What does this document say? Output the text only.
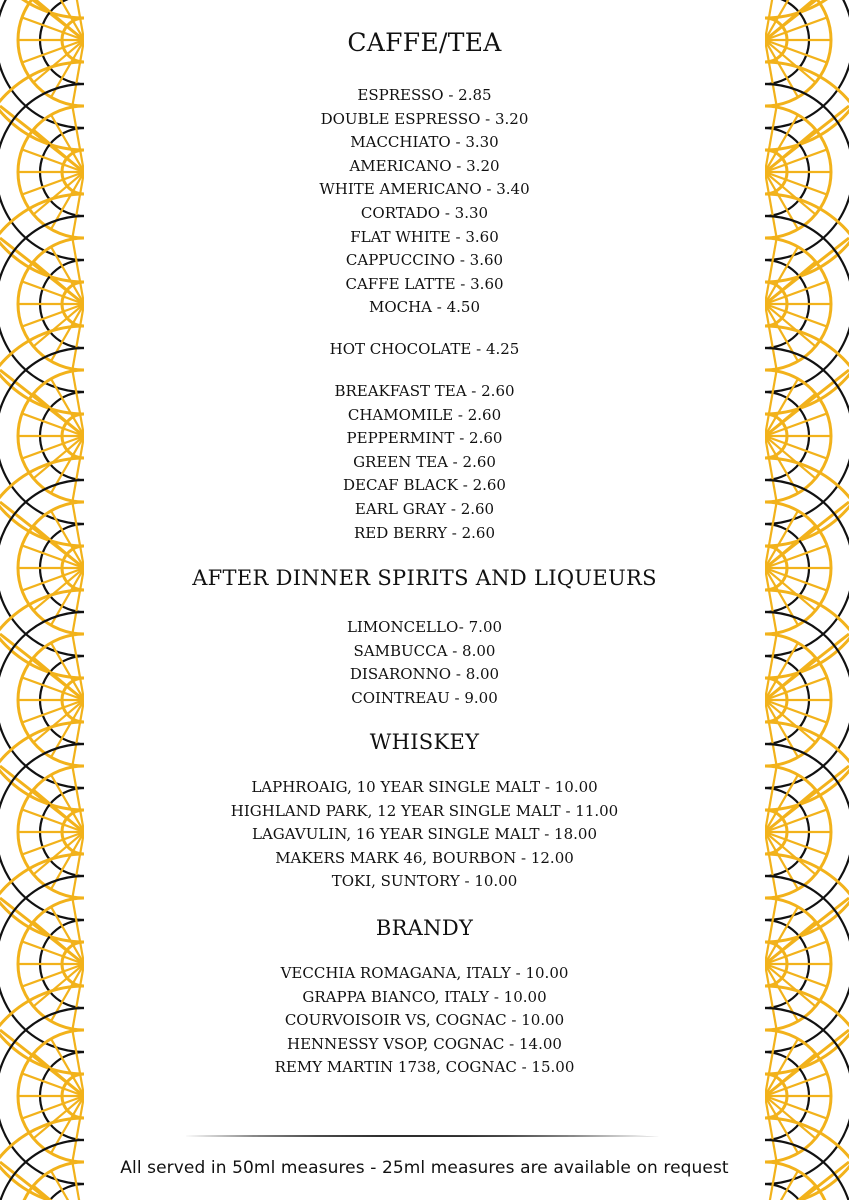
CAFFE/TEA
ESPRESSO - 2.85
DOUBLE ESPRESSO - 3.20
MACCHIATO - 3.30
AMERICANO - 3.20
WHITE AMERICANO - 3.40
CORTADO - 3.30
FLAT WHITE - 3.60
CAPPUCCINO - 3.60
CAFFE LATTE - 3.60
MOCHA - 4.50
HOT CHOCOLATE - 4.25
BREAKFAST TEA - 2.60
CHAMOMILE - 2.60
PEPPERMINT - 2.60
GREEN TEA - 2.60
DECAF BLACK - 2.60
EARL GRAY - 2.60
RED BERRY - 2.60
AFTER DINNER SPIRITS AND LIQUEURS
LIMONCELLO- 7.00
SAMBUCCA - 8.00
DISARONNO - 8.00
COINTREAU - 9.00
WHISKEY
LAPHROAIG, 10 YEAR SINGLE MALT - 10.00
HIGHLAND PARK, 12 YEAR SINGLE MALT - 11.00
LAGAVULIN, 16 YEAR SINGLE MALT - 18.00
MAKERS MARK 46, BOURBON - 12.00
TOKI, SUNTORY - 10.00
BRANDY
VECCHIA ROMAGANA, ITALY - 10.00
GRAPPA BIANCO, ITALY - 10.00
COURVOISOIR VS, COGNAC - 10.00
HENNESSY VSOP, COGNAC - 14.00
REMY MARTIN 1738, COGNAC - 15.00
All served in 50ml measures - 25ml measures are available on request
